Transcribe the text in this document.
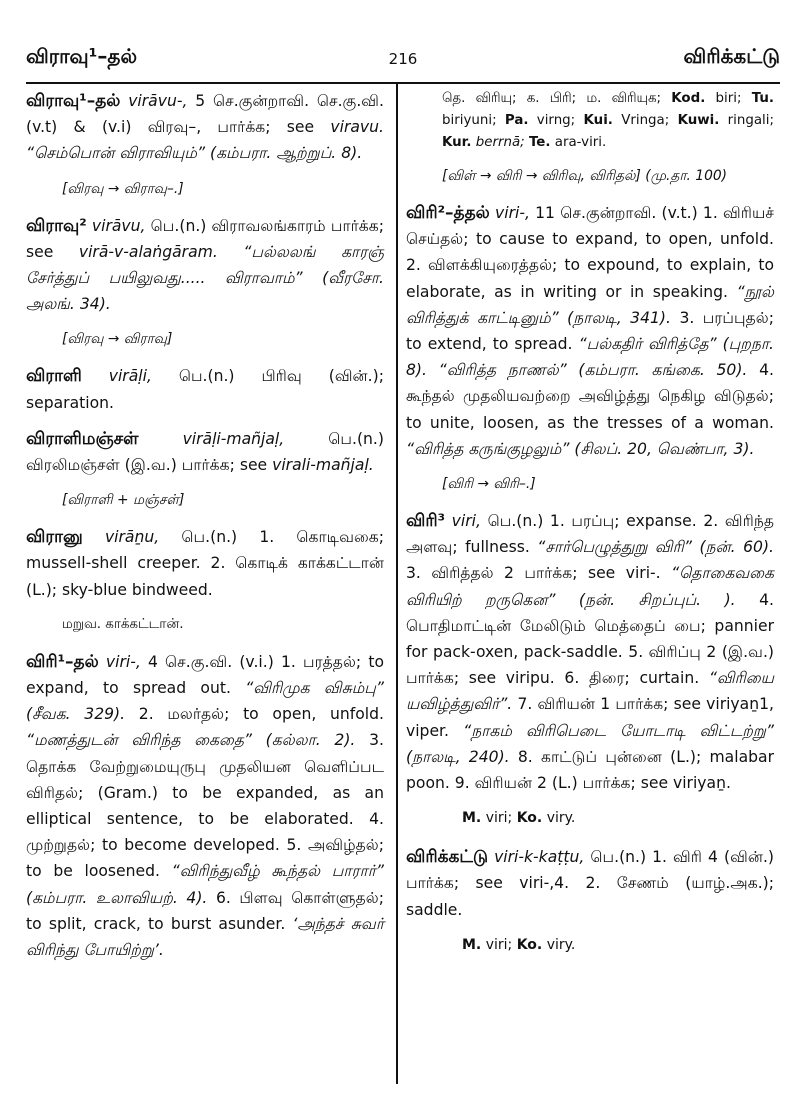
விராவு¹–தல்	216	விரிக்கட்டு
விராவு¹–தல் virāvu-, 5 செ.குன்றாவி. செ.கு.வி.(v.t) & (v.i) விரவு–, பார்க்க; see viravu. “செம்பொன் விராவியும்” (கம்பரா. ஆற்றுப். 8).
[விரவு → விராவு–.]
விராவு² virāvu, பெ.(n.) விராவலங்காரம் பார்க்க; see virā-v-alaṅgāram. “பல்லலங் காரஞ் சேர்த்துப் பயிலுவது..... விராவாம்” (வீரசோ. அலங். 34).
[விரவு → விராவு]
விராளி virāḷi, பெ.(n.) பிரிவு (வின்.); separation.
விராளிமஞ்சள்	virāḷi-mañjaḷ,	பெ.(n.) விரலிமஞ்சள் (இ.வ.) பார்க்க; see virali-mañjaḷ.
[விராளி + மஞ்சள்]
விரானு virāṉu, பெ.(n.) 1. கொடிவகை; mussell-shell creeper. 2. கொடிக் காக்கட்டான் (L.); sky-blue bindweed.
மறுவ. காக்கட்டான்.
விரி¹–தல் viri-, 4 செ.கு.வி. (v.i.) 1. பரத்தல்; to expand, to spread out. “விரிமுக விசும்பு” (சீவக. 329). 2. மலர்தல்; to open, unfold. “மணத்துடன் விரிந்த கைதை” (கல்லா. 2). 3. தொக்க வேற்றுமையுருபு முதலியன வெளிப்பட விரிதல்; (Gram.) to be expanded, as an elliptical sentence, to be elaborated. 4. முற்றுதல்; to become developed. 5. அவிழ்தல்; to be loosened. “விரிந்துவீழ் கூந்தல் பாரார்” (கம்பரா. உலாவியற். 4). 6. பிளவு கொள்ளுதல்; to split, crack, to burst asunder. ‘அந்தச் சுவர் விரிந்து போயிற்று’.
தெ. விரியு; க. பிரி; ம. விரியுக; Kod. biri; Tu. biriyuni; Pa. virng; Kui. Vringa; Kuwi. ringali; Kur. berrnā; Te. ara-viri.
[விள் → விரி → விரிவு, விரிதல்] (மு.தா. 100)
விரி²–த்தல் viri-, 11 செ.குன்றாவி. (v.t.) 1. விரியச் செய்தல்; to cause to expand, to open, unfold. 2. விளக்கியுரைத்தல்; to expound, to explain, to elaborate, as in writing or in speaking. “நூல் விரித்துக் காட்டினும்” (நாலடி, 341). 3. பரப்புதல்; to extend, to spread. “பல்கதிர் விரித்தே” (புறநா. 8). “விரித்த நாணல்” (கம்பரா. கங்கை. 50). 4. கூந்தல் முதலியவற்றை அவிழ்த்து நெகிழ விடுதல்; to unite, loosen, as the tresses of a woman. “விரித்த கருங்குழலும்” (சிலப். 20, வெண்பா, 3).
[விரி → விரி–.]
விரி³ viri, பெ.(n.) 1. பரப்பு; expanse. 2. விரிந்த அளவு; fullness. “சார்பெழுத்துறு விரி” (நன். 60). 3. விரித்தல் 2 பார்க்க; see viri-. “தொகைவகை விரியிற் றருகென” (நன். சிறப்புப். ). 4. பொதிமாட்டின் மேலிடும் மெத்தைப் பை; pannier for pack-oxen, pack-saddle. 5. விரிப்பு 2 (இ.வ.) பார்க்க; see viripu. 6. திரை; curtain. “விரியை யவிழ்த்துவிர்”. 7. விரியன் 1 பார்க்க; see viriyaṉ1, viper. “நாகம் விரிபெடை யோடாடி விட்டற்று” (நாலடி, 240). 8. காட்டுப் புன்னை (L.); malabar poon. 9. விரியன் 2 (L.) பார்க்க; see viriyaṉ.
M. viri; Ko. viry.
விரிக்கட்டு viri-k-kaṭṭu, பெ.(n.) 1. விரி 4 (வின்.) பார்க்க; see viri-,4. 2. சேணம் (யாழ்.அக.); saddle.
M. viri; Ko. viry.
